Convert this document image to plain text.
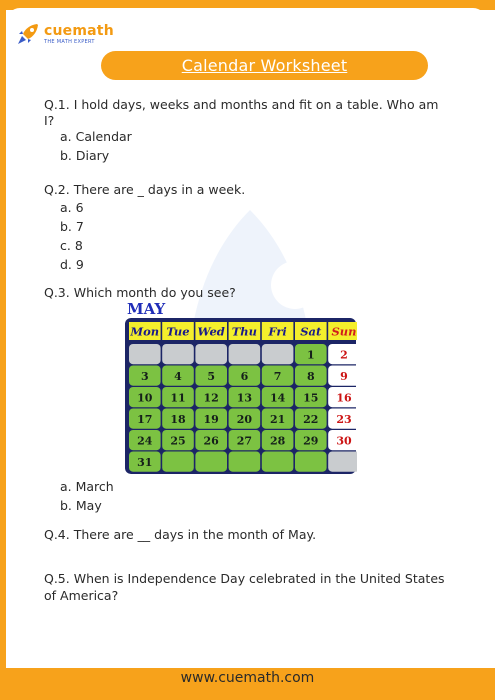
cuemath
THE MATH EXPERT
Calendar Worksheet
Q.1. I hold days, weeks and months and fit on a table. Who am
I?
a. Calendar
b. Diary
Q.2. There are _ days in a week.
a. 6
b. 7
c. 8
d. 9
Q.3. Which month do you see?
MAY
Mon Tue Wed Thu Fri Sat Sun
1 2
3 4 5 6 7 8 9
10 11 12 13 14 15 16
17 18 19 20 21 22 23
24 25 26 27 28 29 30
31
a. March
b. May
Q.4. There are __ days in the month of May.
Q.5. When is Independence Day celebrated in the United States
of America?
www.cuemath.com
